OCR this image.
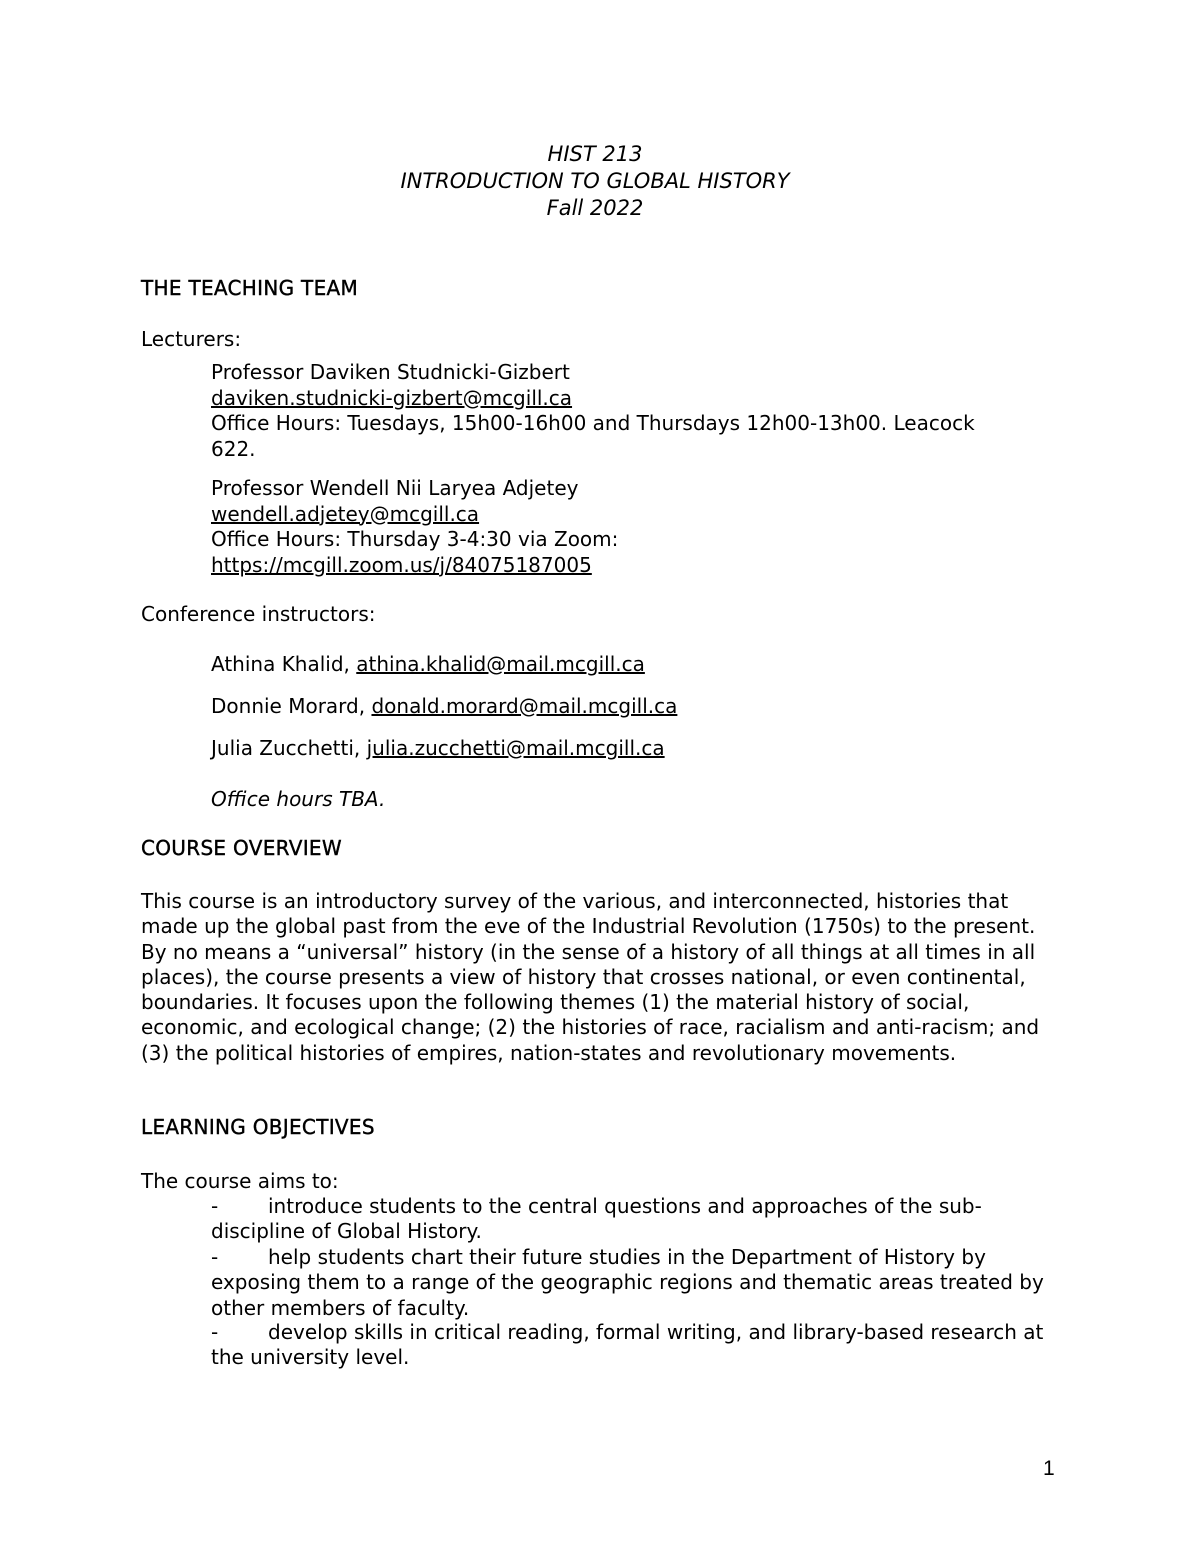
HIST 213
INTRODUCTION TO GLOBAL HISTORY
Fall 2022
THE TEACHING TEAM
Lecturers:
Professor Daviken Studnicki-Gizbert
daviken.studnicki-gizbert@mcgill.ca
Office Hours: Tuesdays, 15h00-16h00 and Thursdays 12h00-13h00. Leacock
622.
Professor Wendell Nii Laryea Adjetey
wendell.adjetey@mcgill.ca
Office Hours: Thursday 3-4:30 via Zoom:
https://mcgill.zoom.us/j/84075187005
Conference instructors:
Athina Khalid, athina.khalid@mail.mcgill.ca
Donnie Morard, donald.morard@mail.mcgill.ca
Julia Zucchetti, julia.zucchetti@mail.mcgill.ca
Office hours TBA.
COURSE OVERVIEW
This course is an introductory survey of the various, and interconnected, histories that made up the global past from the eve of the Industrial Revolution (1750s) to the present. By no means a “universal” history (in the sense of a history of all things at all times in all places), the course presents a view of history that crosses national, or even continental, boundaries. It focuses upon the following themes (1) the material history of social, economic, and ecological change; (2) the histories of race, racialism and anti-racism; and (3) the political histories of empires, nation-states and revolutionary movements.
LEARNING OBJECTIVES
The course aims to:
- introduce students to the central questions and approaches of the sub-discipline of Global History.
- help students chart their future studies in the Department of History by exposing them to a range of the geographic regions and thematic areas treated by other members of faculty.
- develop skills in critical reading, formal writing, and library-based research at the university level.
1
